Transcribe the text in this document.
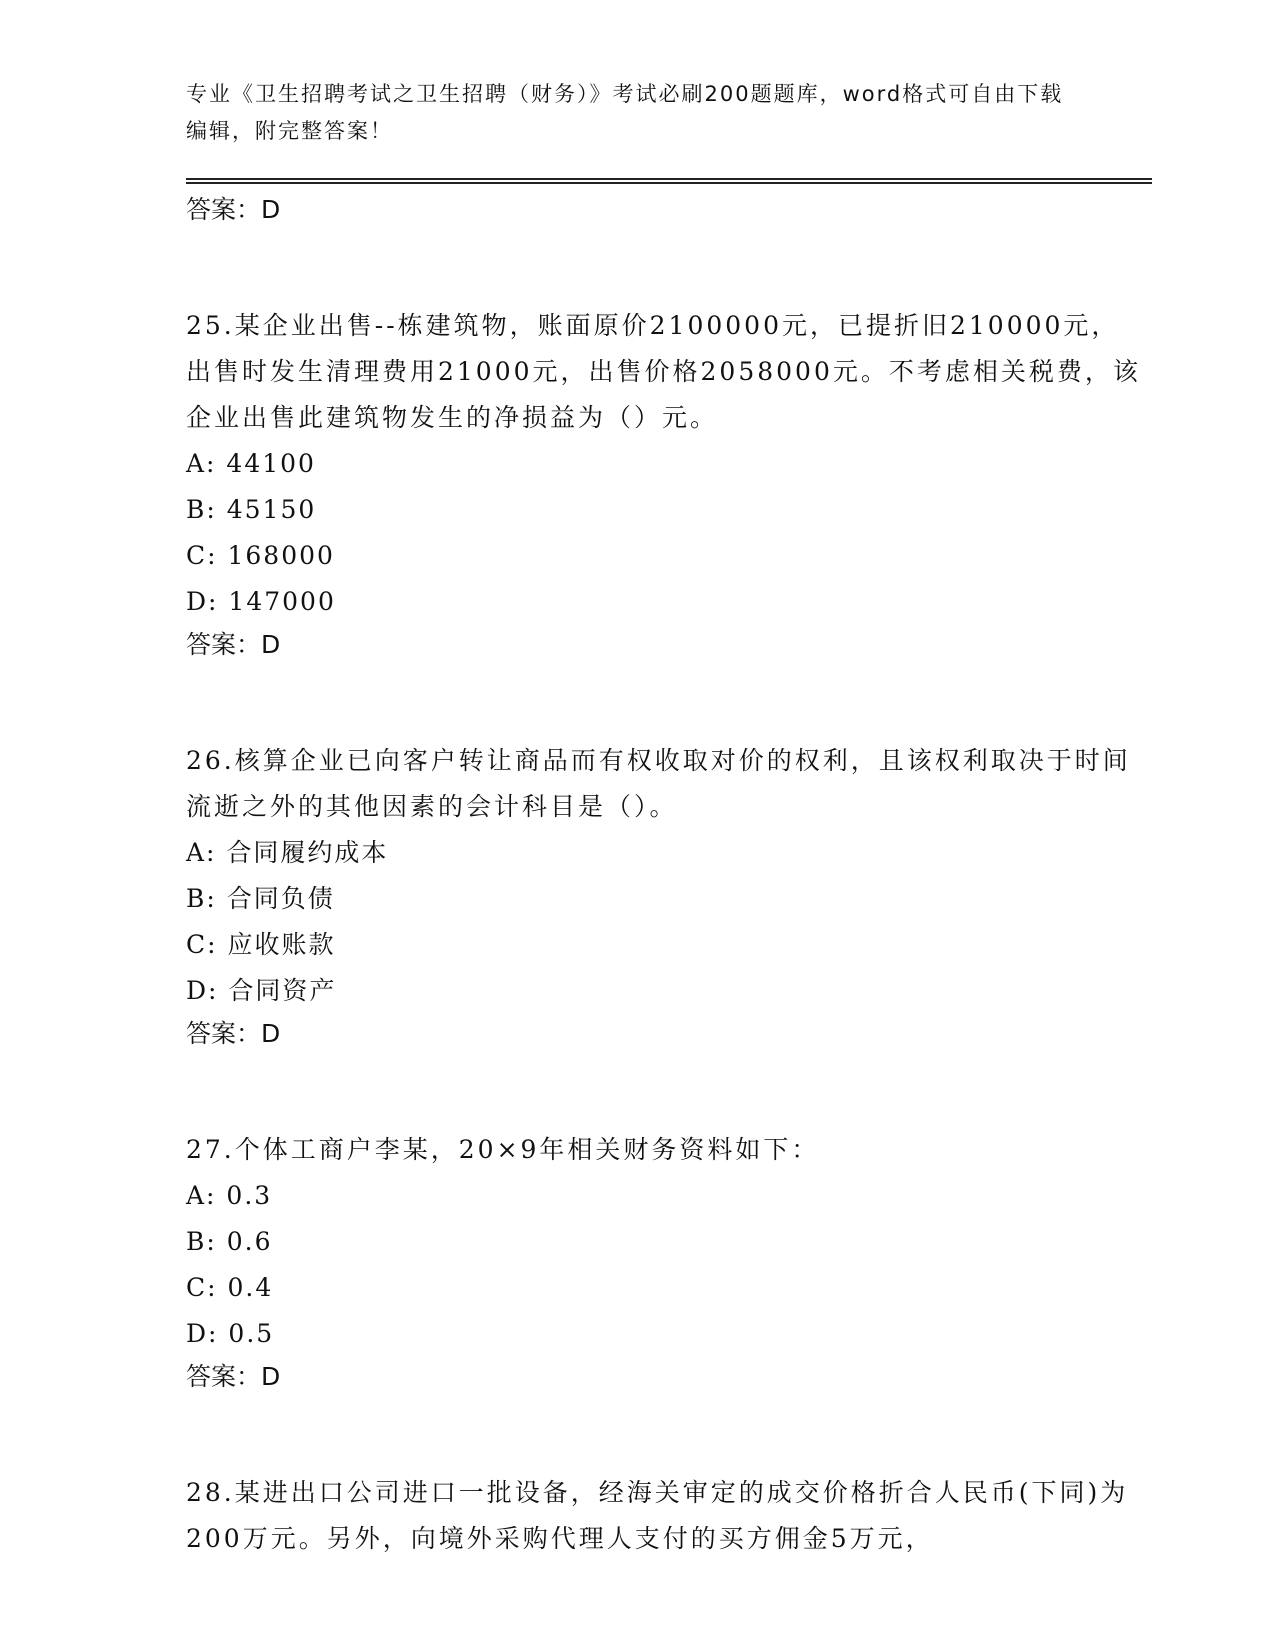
专业《卫生招聘考试之卫生招聘（财务）》考试必刷200题题库，word格式可自由下载编辑，附完整答案！
答案：D

25.某企业出售--栋建筑物，账面原价2100000元，已提折旧210000元，出售时发生清理费用21000元，出售价格2058000元。不考虑相关税费，该企业出售此建筑物发生的净损益为（）元。

A: 44100
B: 45150
C: 168000
D: 147000
答案：D

26.核算企业已向客户转让商品而有权收取对价的权利，且该权利取决于时间流逝之外的其他因素的会计科目是（）。

A: 合同履约成本
B: 合同负债
C: 应收账款
D: 合同资产
答案：D

27.个体工商户李某，20×9年相关财务资料如下：

A: 0.3
B: 0.6
C: 0.4
D: 0.5
答案：D

28.某进出口公司进口一批设备，经海关审定的成交价格折合人民币(下同)为200万元。另外，向境外采购代理人支付的买方佣金5万元，
